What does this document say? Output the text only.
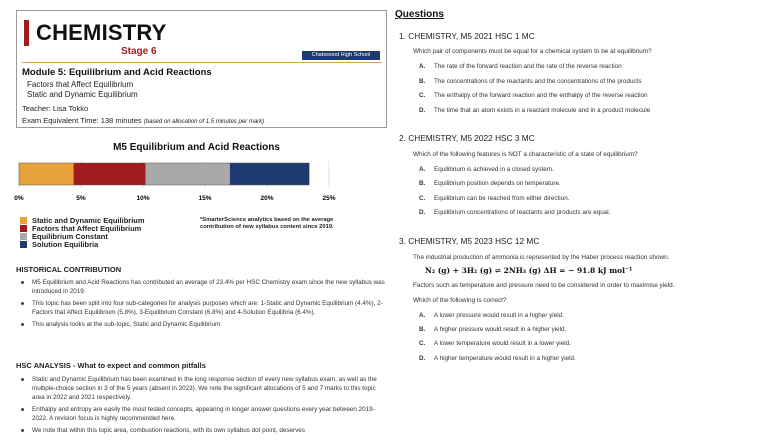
CHEMISTRY
Stage 6	Chatswood High School
Module 5: Equilibrium and Acid Reactions
Factors that Affect Equilibrium
Static and Dynamic Equilibrium
Teacher: Lisa Tokko
Exam Equivalent Time: 138 minutes (based on allocation of 1.5 minutes per mark)
M5 Equilibrium and Acid Reactions
0%	5%	10%	15%	20%	25%
Static and Dynamic Equilibrium
Factors that Affect Equilibrium
Equilibrium Constant
Solution Equilibria
*SmarterScience analytics based on the average contribution of new syllabus content since 2019.
HISTORICAL CONTRIBUTION
M5 Equilibrium and Acid Reactions has contributed an average of 23.4% per HSC Chemistry exam since the new syllabus was introduced in 2019.
This topic has been split into four sub-categories for analysis purposes which are: 1-Static and Dynamic Equilibrium (4.4%), 2-Factors that Affect Equilibrium (5.8%), 3-Equilibrium Constant (6.8%) and 4-Solution Equilibria (6.4%).
This analysis looks at the sub-topic, Static and Dynamic Equilibrium.
HSC ANALYSIS - What to expect and common pitfalls
Static and Dynamic Equilibrium has been examined in the long response section of every new syllabus exam, as well as the multiple-choice section in 3 of the 5 years (absent in 2023). We note the significant allocations of 5 and 7 marks to this topic area in 2022 and 2021 respectively.
Enthalpy and entropy are easily the most tested concepts, appearing in longer answer questions every year between 2019-2022. A revision focus is highly recommended here.
We note that within this topic area, combustion reactions, with its own syllabus dot point, deserves
Questions
1. CHEMISTRY, M5 2021 HSC 1 MC
Which pair of components must be equal for a chemical system to be at equilibrium?
A. The rate of the forward reaction and the rate of the reverse reaction
B. The concentrations of the reactants and the concentrations of the products
C. The enthalpy of the forward reaction and the enthalpy of the reverse reaction
D. The time that an atom exists in a reactant molecule and in a product molecule
2. CHEMISTRY, M5 2022 HSC 3 MC
Which of the following features is NOT a characteristic of a state of equilibrium?
A. Equilibrium is achieved in a closed system.
B. Equilibrium position depends on temperature.
C. Equilibrium can be reached from either direction.
D. Equilibrium concentrations of reactants and products are equal.
3. CHEMISTRY, M5 2023 HSC 12 MC
The industrial production of ammonia is represented by the Haber process reaction shown.
N₂ (g) + 3H₂ (g) ⇌ 2NH₃ (g) ΔH = − 91.8 kJ mol⁻¹
Factors such as temperature and pressure need to be considered in order to maximise yield.
Which of the following is correct?
A. A lower pressure would result in a higher yield.
B. A higher pressure would result in a higher yield.
C. A lower temperature would result in a lower yield.
D. A higher temperature would result in a higher yield.
